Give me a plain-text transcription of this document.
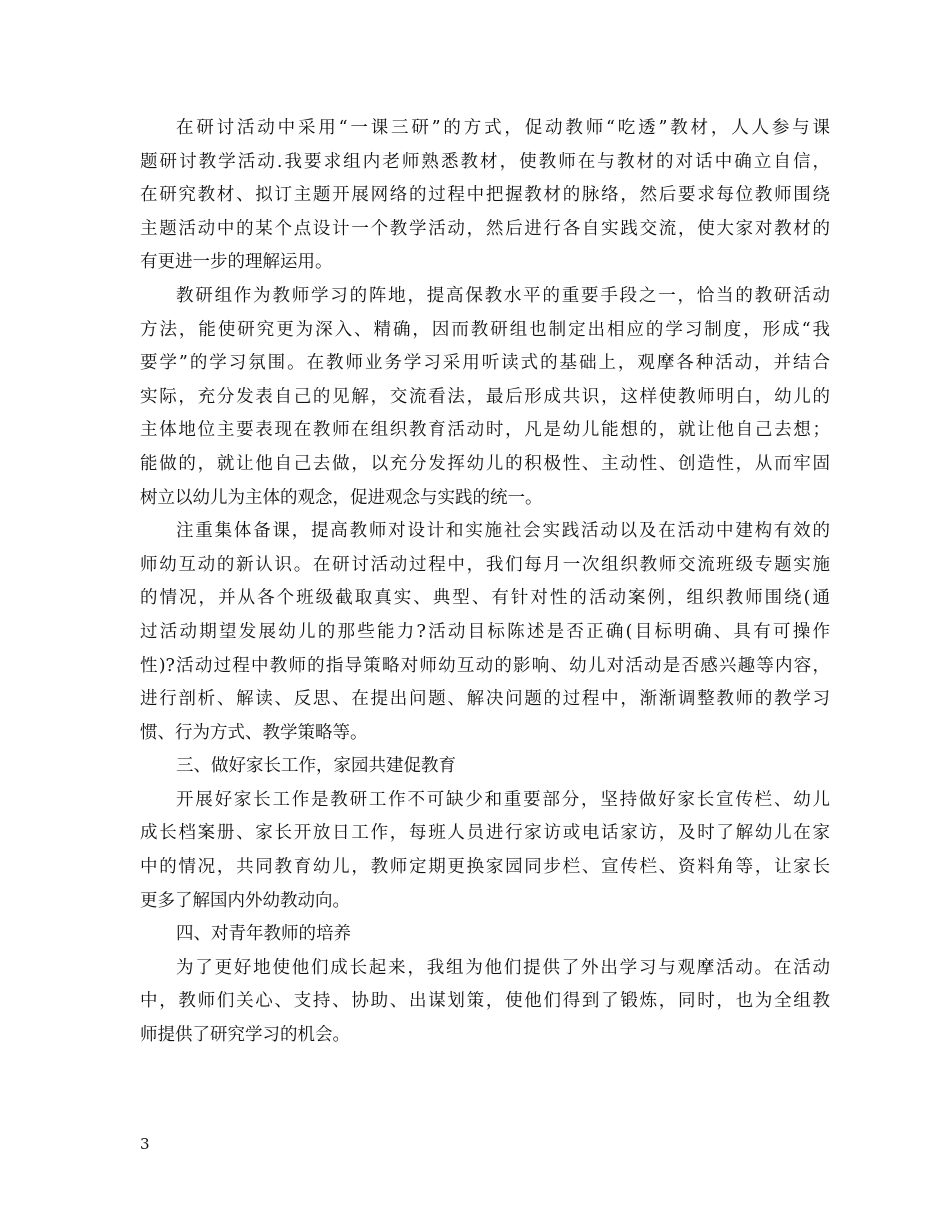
在研讨活动中采用“一课三研”的方式，促动教师“吃透”教材，人人参与课
题研讨教学活动.我要求组内老师熟悉教材，使教师在与教材的对话中确立自信，
在研究教材、拟订主题开展网络的过程中把握教材的脉络，然后要求每位教师围绕
主题活动中的某个点设计一个教学活动，然后进行各自实践交流，使大家对教材的
有更进一步的理解运用。
教研组作为教师学习的阵地，提高保教水平的重要手段之一，恰当的教研活动
方法，能使研究更为深入、精确，因而教研组也制定出相应的学习制度，形成“我
要学”的学习氛围。在教师业务学习采用听读式的基础上，观摩各种活动，并结合
实际，充分发表自己的见解，交流看法，最后形成共识，这样使教师明白，幼儿的
主体地位主要表现在教师在组织教育活动时，凡是幼儿能想的，就让他自己去想；
能做的，就让他自己去做，以充分发挥幼儿的积极性、主动性、创造性，从而牢固
树立以幼儿为主体的观念，促进观念与实践的统一。
注重集体备课，提高教师对设计和实施社会实践活动以及在活动中建构有效的
师幼互动的新认识。在研讨活动过程中，我们每月一次组织教师交流班级专题实施
的情况，并从各个班级截取真实、典型、有针对性的活动案例，组织教师围绕(通
过活动期望发展幼儿的那些能力?活动目标陈述是否正确(目标明确、具有可操作
性)?活动过程中教师的指导策略对师幼互动的影响、幼儿对活动是否感兴趣等内容，
进行剖析、解读、反思、在提出问题、解决问题的过程中，渐渐调整教师的教学习
惯、行为方式、教学策略等。
三、做好家长工作，家园共建促教育
开展好家长工作是教研工作不可缺少和重要部分，坚持做好家长宣传栏、幼儿
成长档案册、家长开放日工作，每班人员进行家访或电话家访，及时了解幼儿在家
中的情况，共同教育幼儿，教师定期更换家园同步栏、宣传栏、资料角等，让家长
更多了解国内外幼教动向。
四、对青年教师的培养
为了更好地使他们成长起来，我组为他们提供了外出学习与观摩活动。在活动
中，教师们关心、支持、协助、出谋划策，使他们得到了锻炼，同时，也为全组教
师提供了研究学习的机会。
3
